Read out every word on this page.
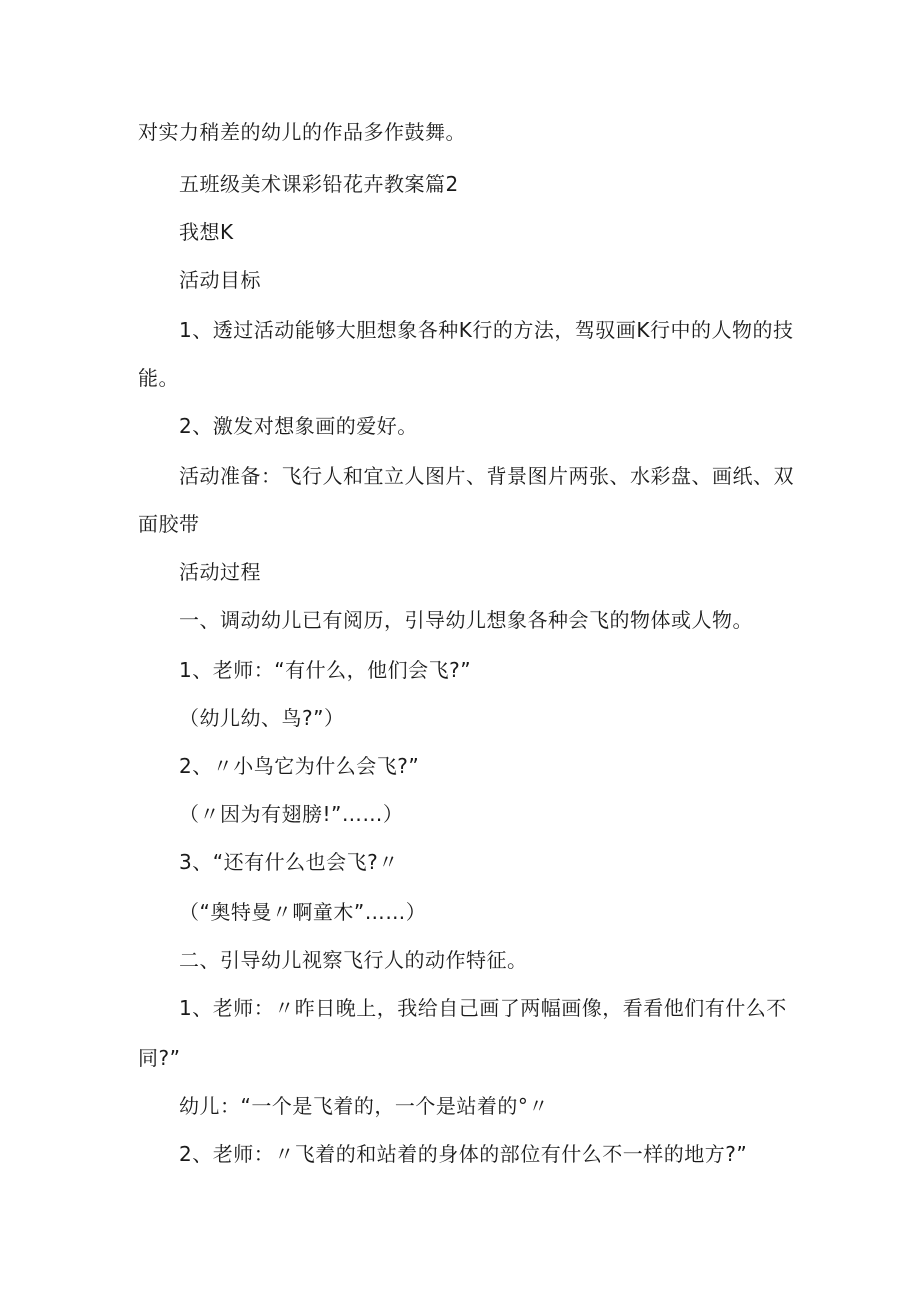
对实力稍差的幼儿的作品多作鼓舞。
五班级美术课彩铅花卉教案篇2
我想K
活动目标
1、透过活动能够大胆想象各种K行的方法，驾驭画K行中的人物的技
能。
2、激发对想象画的爱好。
活动准备：飞行人和宜立人图片、背景图片两张、水彩盘、画纸、双
面胶带
活动过程
一、调动幼儿已有阅历，引导幼儿想象各种会飞的物体或人物。
1、老师：“有什么，他们会飞?”
（幼儿幼、鸟?”）
2、〃小鸟它为什么会飞?”
（〃因为有翅膀!”……）
3、“还有什么也会飞?〃
（“奥特曼〃啊童木”……）
二、引导幼儿视察飞行人的动作特征。
1、老师：〃昨日晚上，我给自己画了两幅画像，看看他们有什么不
同?”
幼儿：“一个是飞着的，一个是站着的°〃
2、老师：〃飞着的和站着的身体的部位有什么不一样的地方?”
